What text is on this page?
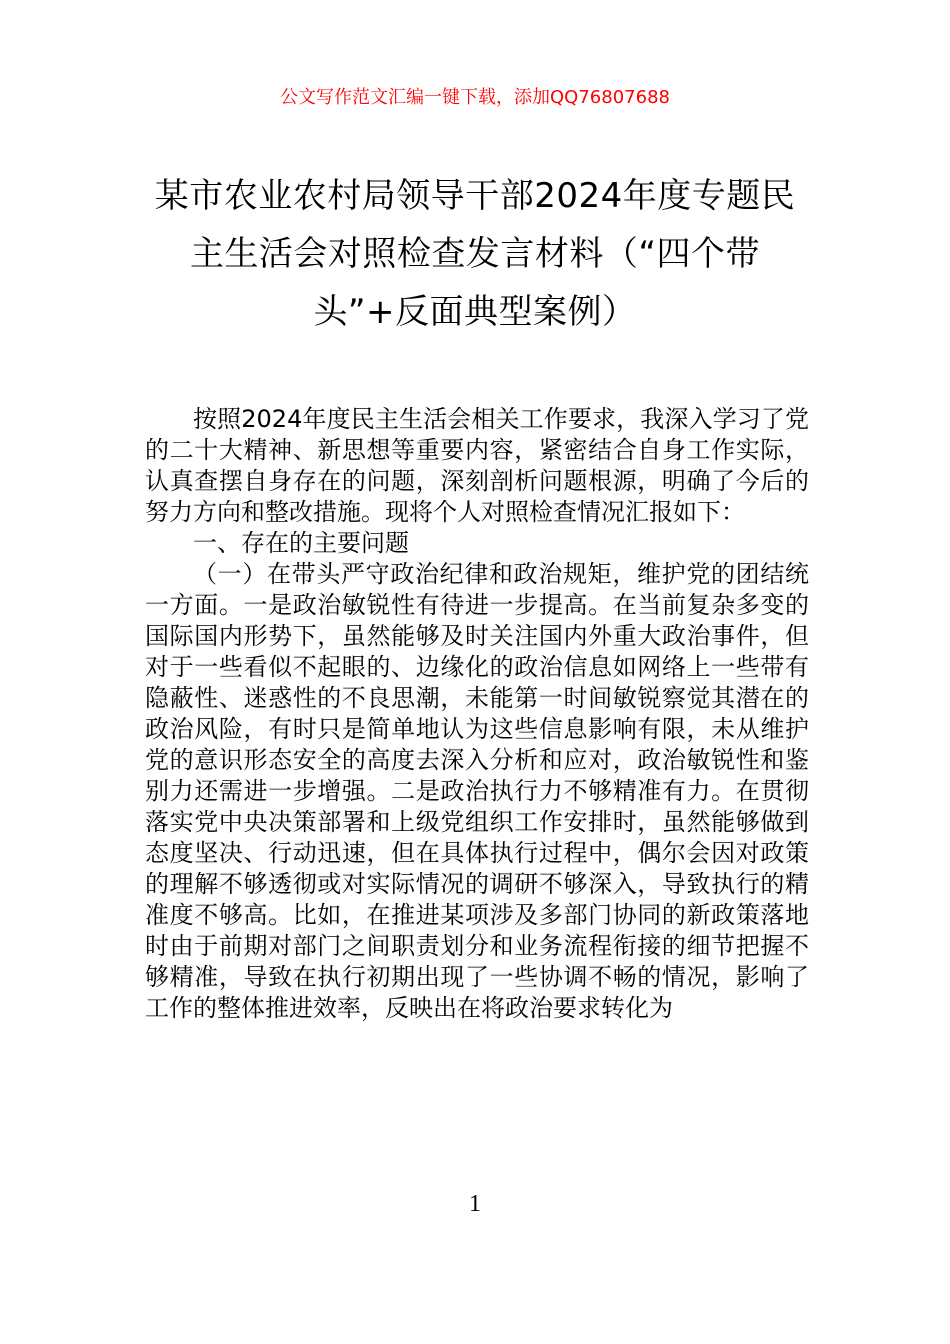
公文写作范文汇编一键下载，添加QQ76807688
某市农业农村局领导干部2024年度专题民主生活会对照检查发言材料（“四个带头”+反面典型案例）

按照2024年度民主生活会相关工作要求，我深入学习了党的二十大精神、新思想等重要内容，紧密结合自身工作实际，认真查摆自身存在的问题，深刻剖析问题根源，明确了今后的努力方向和整改措施。现将个人对照检查情况汇报如下：

一、存在的主要问题

（一）在带头严守政治纪律和政治规矩，维护党的团结统一方面。一是政治敏锐性有待进一步提高。在当前复杂多变的国际国内形势下，虽然能够及时关注国内外重大政治事件，但对于一些看似不起眼的、边缘化的政治信息如网络上一些带有隐蔽性、迷惑性的不良思潮，未能第一时间敏锐察觉其潜在的政治风险，有时只是简单地认为这些信息影响有限，未从维护党的意识形态安全的高度去深入分析和应对，政治敏锐性和鉴别力还需进一步增强。二是政治执行力不够精准有力。在贯彻落实党中央决策部署和上级党组织工作安排时，虽然能够做到态度坚决、行动迅速，但在具体执行过程中，偶尔会因对政策的理解不够透彻或对实际情况的调研不够深入，导致执行的精准度不够高。比如，在推进某项涉及多部门协同的新政策落地时由于前期对部门之间职责划分和业务流程衔接的细节把握不够精准，导致在执行初期出现了一些协调不畅的情况，影响了工作的整体推进效率，反映出在将政治要求转化为

1
